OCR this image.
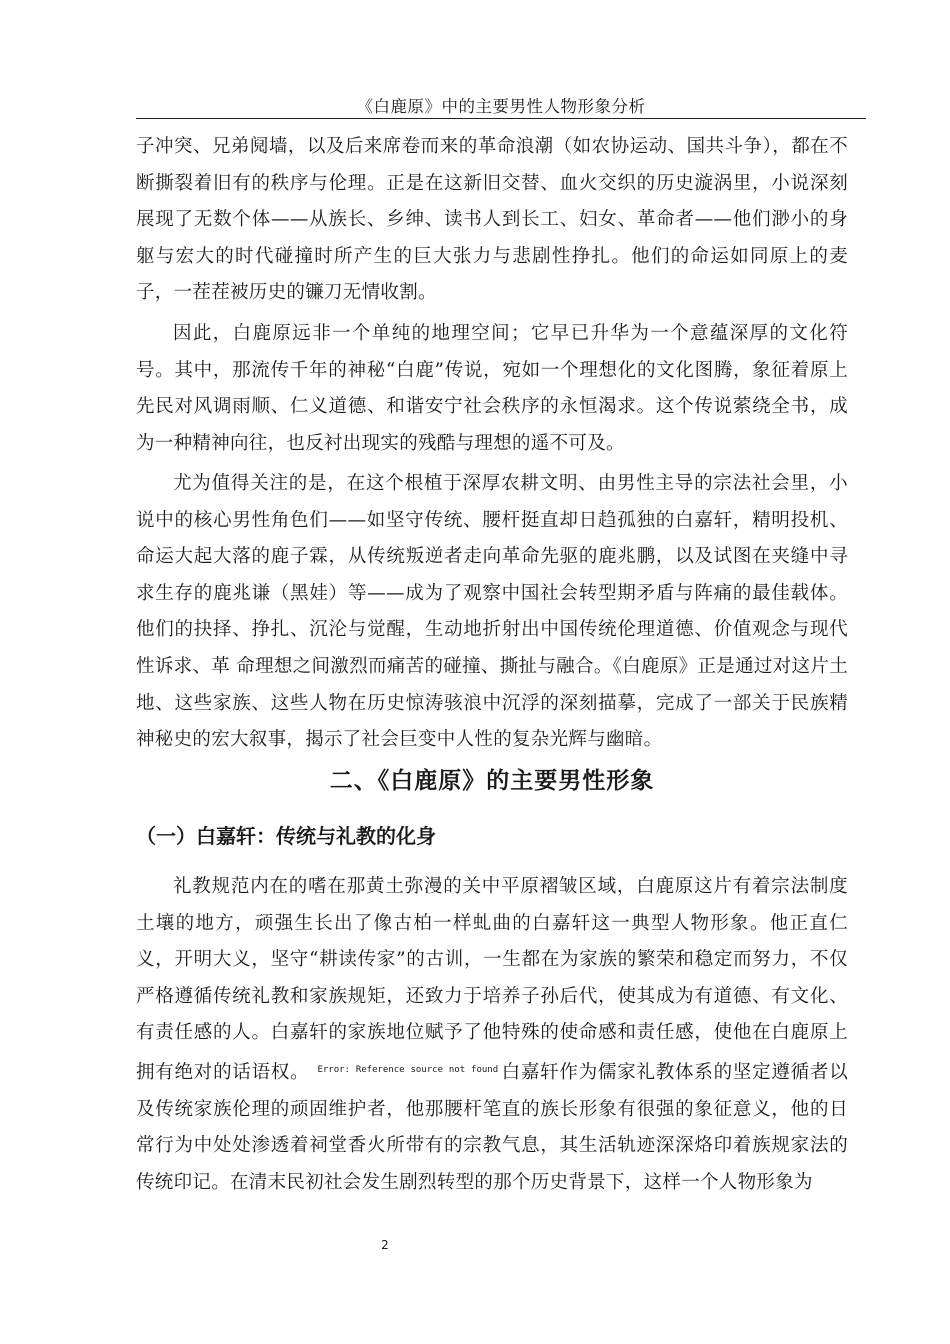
《白鹿原》中的主要男性人物形象分析
子冲突、兄弟阋墙，以及后来席卷而来的革命浪潮（如农协运动、国共斗争），都在不断撕裂着旧有的秩序与伦理。正是在这新旧交替、血火交织的历史漩涡里，小说深刻展现了无数个体——从族长、乡绅、读书人到长工、妇女、革命者——他们渺小的身躯与宏大的时代碰撞时所产生的巨大张力与悲剧性挣扎。他们的命运如同原上的麦子，一茬茬被历史的镰刀无情收割。
因此，白鹿原远非一个单纯的地理空间；它早已升华为一个意蕴深厚的文化符号。其中，那流传千年的神秘“白鹿”传说，宛如一个理想化的文化图腾，象征着原上先民对风调雨顺、仁义道德、和谐安宁社会秩序的永恒渴求。这个传说萦绕全书，成为一种精神向往，也反衬出现实的残酷与理想的遥不可及。
尤为值得关注的是，在这个根植于深厚农耕文明、由男性主导的宗法社会里，小说中的核心男性角色们——如坚守传统、腰杆挺直却日趋孤独的白嘉轩，精明投机、命运大起大落的鹿子霖，从传统叛逆者走向革命先驱的鹿兆鹏，以及试图在夹缝中寻求生存的鹿兆谦（黑娃）等——成为了观察中国社会转型期矛盾与阵痛的最佳载体。他们的抉择、挣扎、沉沦与觉醒，生动地折射出中国传统伦理道德、价值观念与现代性诉求、革 命理想之间激烈而痛苦的碰撞、撕扯与融合。《白鹿原》正是通过对这片土地、这些家族、这些人物在历史惊涛骇浪中沉浮的深刻描摹，完成了一部关于民族精神秘史的宏大叙事，揭示了社会巨变中人性的复杂光辉与幽暗。
二、《白鹿原》的主要男性形象
（一）白嘉轩：传统与礼教的化身
礼教规范内在的嗜在那黄土弥漫的关中平原褶皱区域，白鹿原这片有着宗法制度土壤的地方，顽强生长出了像古柏一样虬曲的白嘉轩这一典型人物形象。他正直仁义，开明大义，坚守“耕读传家”的古训，一生都在为家族的繁荣和稳定而努力，不仅严格遵循传统礼教和家族规矩，还致力于培养子孙后代，使其成为有道德、有文化、有责任感的人。白嘉轩的家族地位赋予了他特殊的使命感和责任感，使他在白鹿原上拥有绝对的话语权。 $^{Error: Reference source not found}$ 白嘉轩作为儒家礼教体系的坚定遵循者以及传统家族伦理的顽固维护者，他那腰杆笔直的族长形象有很强的象征意义，他的日常行为中处处渗透着祠堂香火所带有的宗教气息，其生活轨迹深深烙印着族规家法的传统印记。在清末民初社会发生剧烈转型的那个历史背景下，这样一个人物形象为
2
